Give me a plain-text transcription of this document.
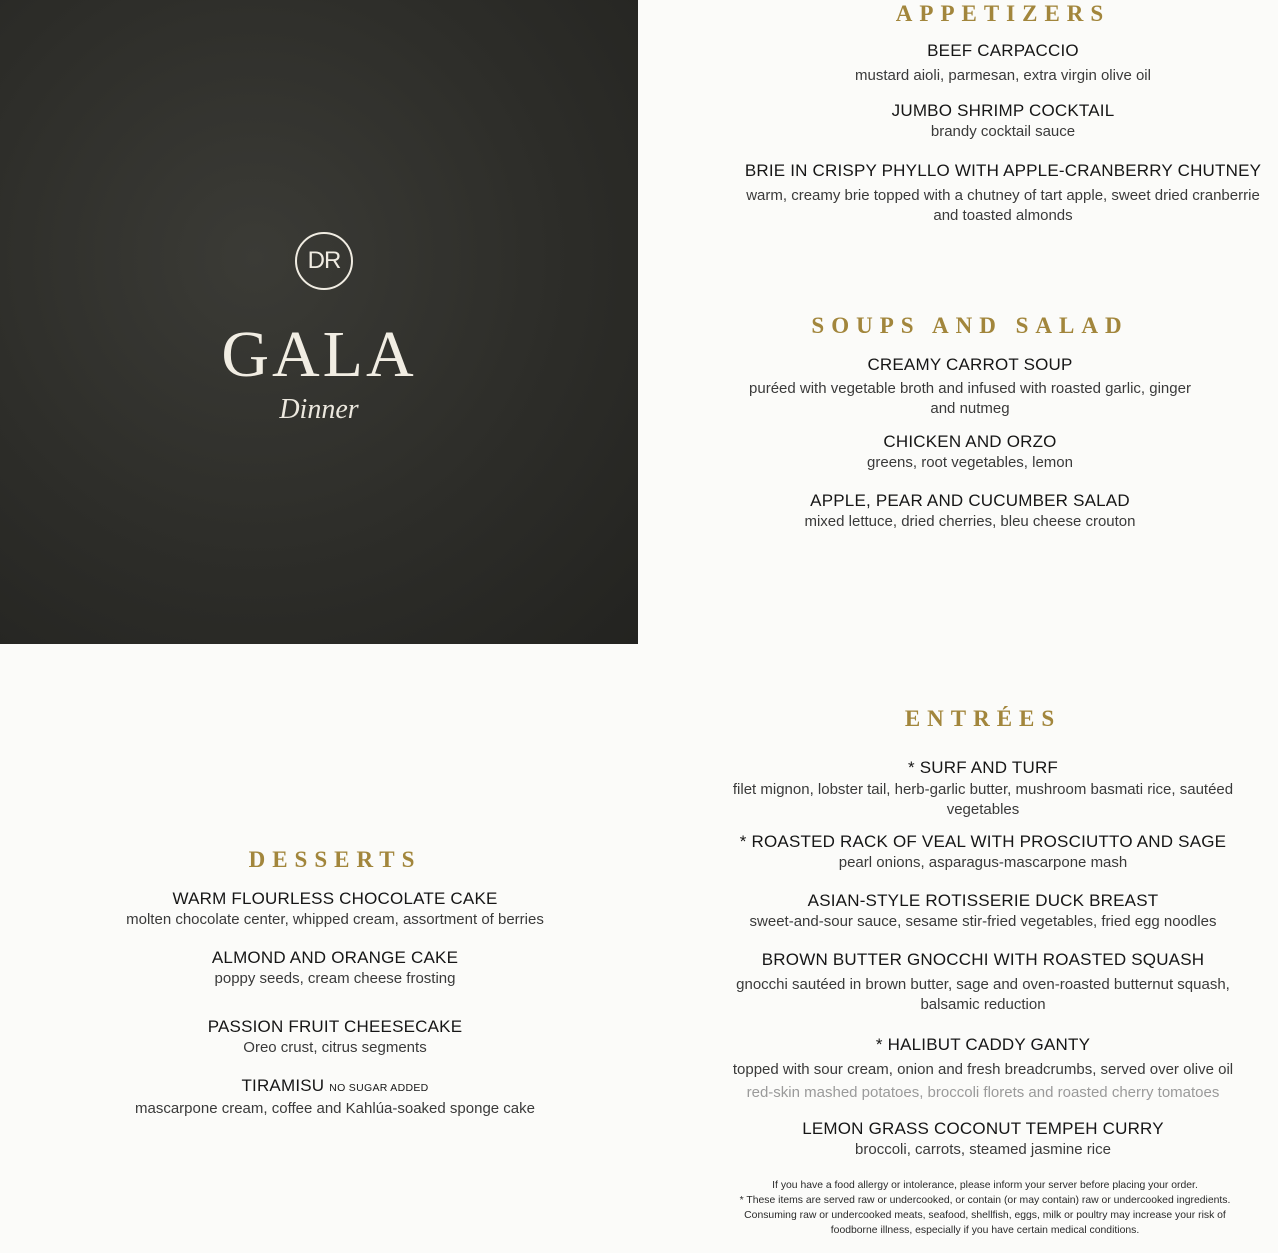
DR
GALA
Dinner
APPETIZERS
BEEF CARPACCIO
mustard aioli, parmesan, extra virgin olive oil
JUMBO SHRIMP COCKTAIL
brandy cocktail sauce
BRIE IN CRISPY PHYLLO WITH APPLE-CRANBERRY CHUTNEY
warm, creamy brie topped with a chutney of tart apple, sweet dried cranberrie
and toasted almonds
SOUPS AND SALAD
CREAMY CARROT SOUP
puréed with vegetable broth and infused with roasted garlic, ginger
and nutmeg
CHICKEN AND ORZO
greens, root vegetables, lemon
APPLE, PEAR AND CUCUMBER SALAD
mixed lettuce, dried cherries, bleu cheese crouton
ENTRÉES
* SURF AND TURF
filet mignon, lobster tail, herb-garlic butter, mushroom basmati rice, sautéed
vegetables
* ROASTED RACK OF VEAL WITH PROSCIUTTO AND SAGE
pearl onions, asparagus-mascarpone mash
ASIAN-STYLE ROTISSERIE DUCK BREAST
sweet-and-sour sauce, sesame stir-fried vegetables, fried egg noodles
BROWN BUTTER GNOCCHI WITH ROASTED SQUASH
gnocchi sautéed in brown butter, sage and oven-roasted butternut squash,
balsamic reduction
* HALIBUT CADDY GANTY
topped with sour cream, onion and fresh breadcrumbs, served over olive oil
red-skin mashed potatoes, broccoli florets and roasted cherry tomatoes
LEMON GRASS COCONUT TEMPEH CURRY
broccoli, carrots, steamed jasmine rice
DESSERTS
WARM FLOURLESS CHOCOLATE CAKE
molten chocolate center, whipped cream, assortment of berries
ALMOND AND ORANGE CAKE
poppy seeds, cream cheese frosting
PASSION FRUIT CHEESECAKE
Oreo crust, citrus segments
TIRAMISU NO SUGAR ADDED
mascarpone cream, coffee and Kahlúa-soaked sponge cake
If you have a food allergy or intolerance, please inform your server before placing your order.
* These items are served raw or undercooked, or contain (or may contain) raw or undercooked ingredients.
Consuming raw or undercooked meats, seafood, shellfish, eggs, milk or poultry may increase your risk of
foodborne illness, especially if you have certain medical conditions.
